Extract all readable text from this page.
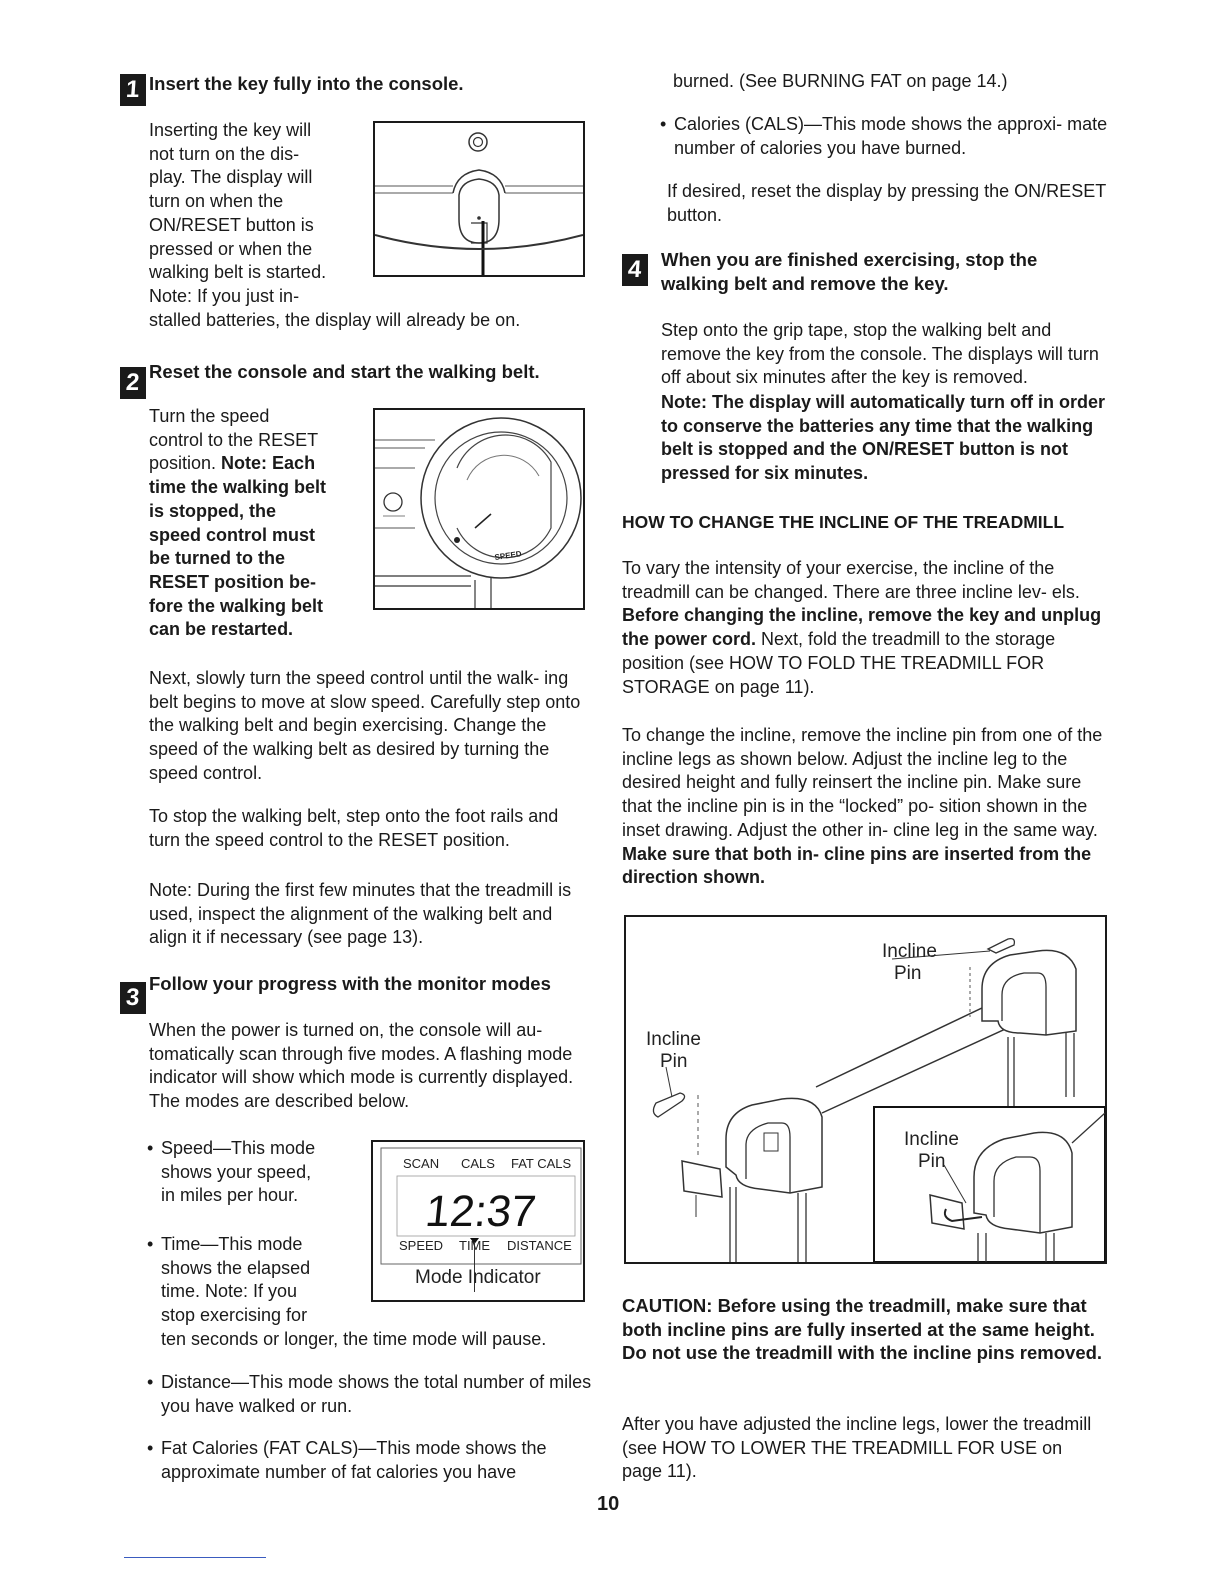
1 Insert the key fully into the console.

Inserting the key will

not turn on the dis-

play. The display will

turn on when the

ON/RESET button is

pressed or when the

walking belt is started.

Note: If you just in-

stalled batteries, the display will already be on.

2 Reset the console and start the walking belt.

Turn the speed

control to the RESET

position. Note: Each

time the walking belt

is stopped, the

speed control must

be turned to the

RESET position be-

fore the walking belt

can be restarted.

SPEED

Next, slowly turn the speed control until the walk- ing belt begins to move at slow speed. Carefully step onto the walking belt and begin exercising. Change the speed of the walking belt as desired by turning the speed control.

To stop the walking belt, step onto the foot rails and turn the speed control to the RESET position.

Note: During the first few minutes that the treadmill is used, inspect the alignment of the walking belt and align it if necessary (see page 13).

3

Follow your progress with the monitor modes

When the power is turned on, the console will au- tomatically scan through five modes. A flashing mode indicator will show which mode is currently displayed. The modes are described below.

• Speed—This mode

shows your speed,

in miles per hour.

• Time—This mode

shows the elapsed

time. Note: If you

stop exercising for

ten seconds or longer, the time mode will pause.

• Distance—This mode shows the total number of miles you have walked or run.

• Fat Calories (FAT CALS)—This mode shows the approximate number of fat calories you have

SCAN CALS FAT CALS
12:37
SPEED TIME DISTANCE
Mode Indicator

burned. (See BURNING FAT on page 14.)

• Calories (CALS)—This mode shows the approxi- mate number of calories you have burned.

If desired, reset the display by pressing the ON/RESET button.

4 When you are finished exercising, stop the walking belt and remove the key.

Step onto the grip tape, stop the walking belt and remove the key from the console. The displays will turn off about six minutes after the key is removed.

Note: The display will automatically turn off in order to conserve the batteries any time that the walking belt is stopped and the ON/RESET button is not pressed for six minutes.

HOW TO CHANGE THE INCLINE OF THE TREADMILL

To vary the intensity of your exercise, the incline of the treadmill can be changed. There are three incline lev- els. Before changing the incline, remove the key and unplug the power cord. Next, fold the treadmill to the storage position (see HOW TO FOLD THE TREADMILL FOR STORAGE on page 11).

To change the incline, remove the incline pin from one of the incline legs as shown below. Adjust the incline leg to the desired height and fully reinsert the incline pin. Make sure that the incline pin is in the “locked” po- sition shown in the inset drawing. Adjust the other in- cline leg in the same way. Make sure that both in- cline pins are inserted from the direction shown.

Incline
Pin
Incline
Pin
Incline
Pin

CAUTION: Before using the treadmill, make sure that both incline pins are fully inserted at the same height. Do not use the treadmill with the incline pins removed.

After you have adjusted the incline legs, lower the treadmill (see HOW TO LOWER THE TREADMILL FOR USE on page 11).

10
